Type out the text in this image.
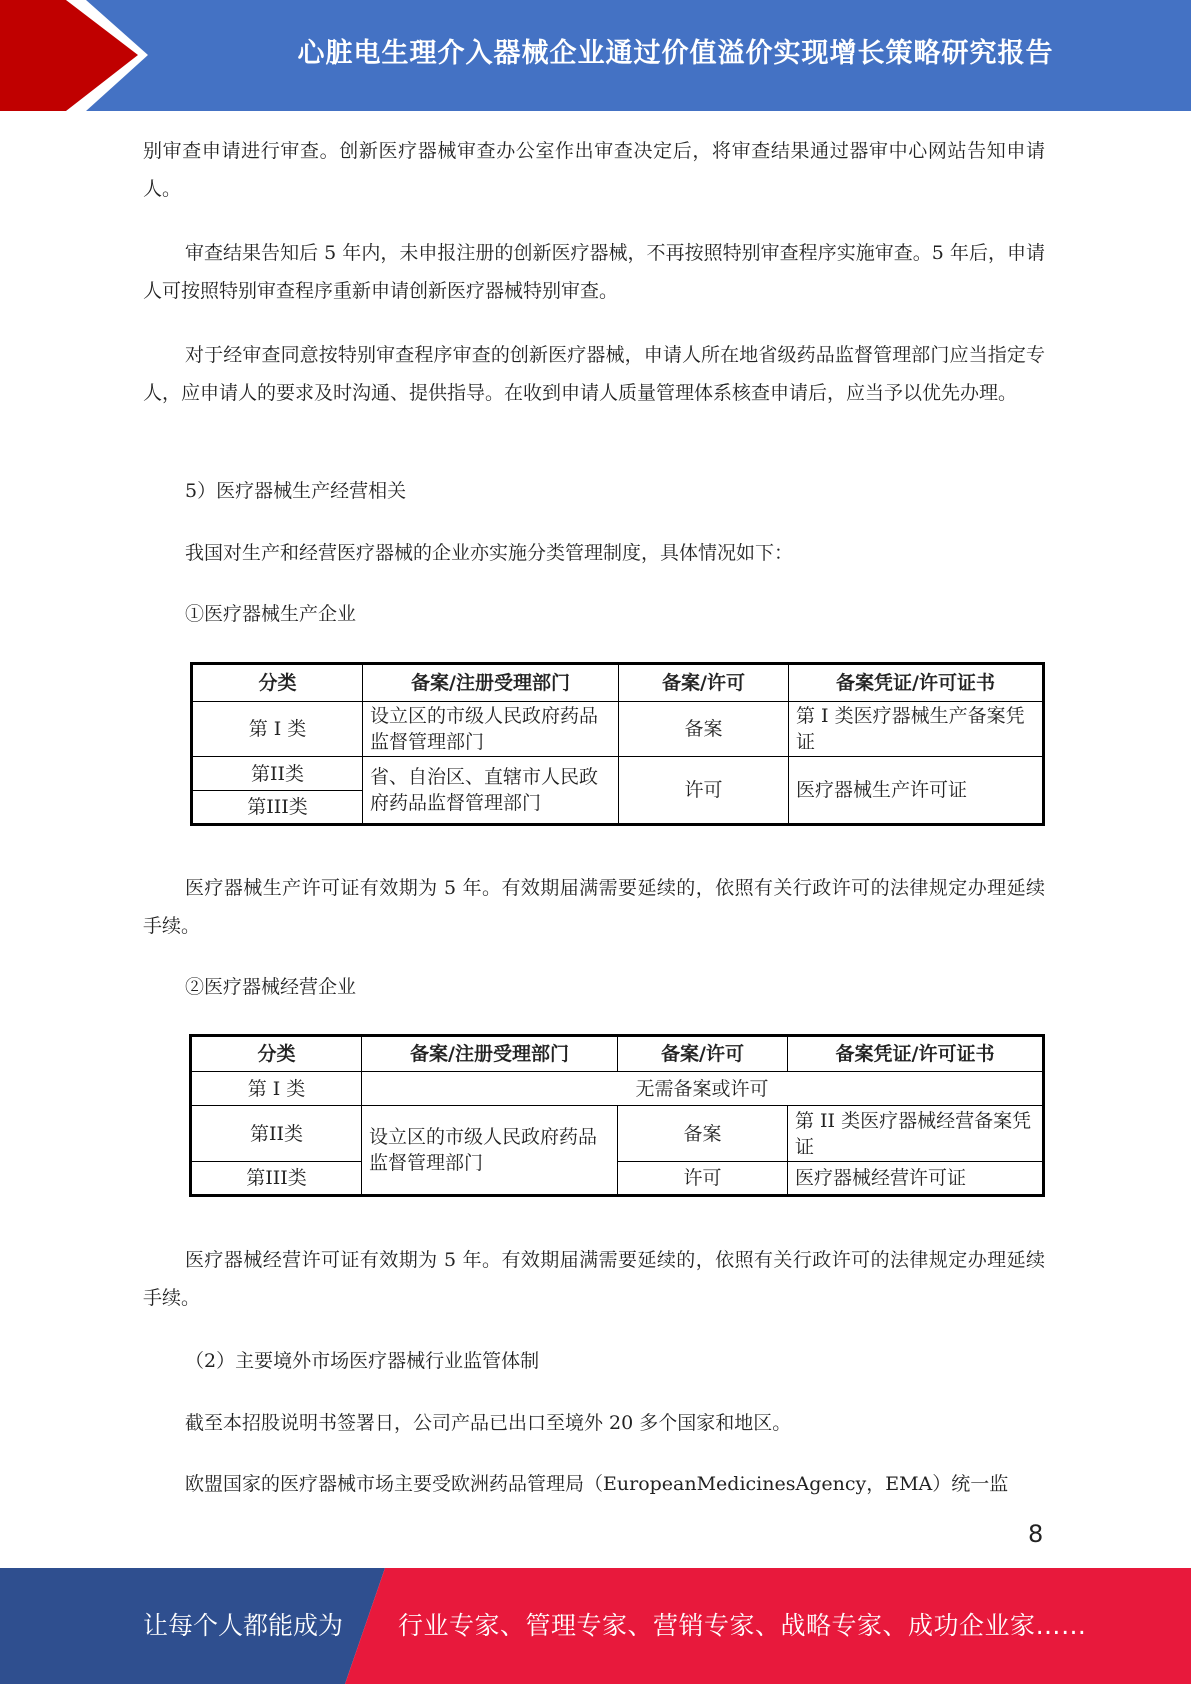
心脏电生理介入器械企业通过价值溢价实现增长策略研究报告

别审查申请进行审查。创新医疗器械审查办公室作出审查决定后，将审查结果通过器审中心网站告知申请人。

审查结果告知后 5 年内，未申报注册的创新医疗器械，不再按照特别审查程序实施审查。5 年后，申请人可按照特别审查程序重新申请创新医疗器械特别审查。

对于经审查同意按特别审查程序审查的创新医疗器械，申请人所在地省级药品监督管理部门应当指定专人，应申请人的要求及时沟通、提供指导。在收到申请人质量管理体系核查申请后，应当予以优先办理。

5）医疗器械生产经营相关

我国对生产和经营医疗器械的企业亦实施分类管理制度，具体情况如下：

①医疗器械生产企业

分类	备案/注册受理部门	备案/许可	备案凭证/许可证书
第 I 类	设立区的市级人民政府药品监督管理部门	备案	第 I 类医疗器械生产备案凭证
第II类	省、自治区、直辖市人民政府药品监督管理部门	许可	医疗器械生产许可证
第III类			

医疗器械生产许可证有效期为 5 年。有效期届满需要延续的，依照有关行政许可的法律规定办理延续手续。

②医疗器械经营企业

分类	备案/注册受理部门	备案/许可	备案凭证/许可证书
第 I 类	无需备案或许可		
第II类	设立区的市级人民政府药品监督管理部门	备案	第 II 类医疗器械经营备案凭证
第III类		许可	医疗器械经营许可证

医疗器械经营许可证有效期为 5 年。有效期届满需要延续的，依照有关行政许可的法律规定办理延续手续。

（2）主要境外市场医疗器械行业监管体制

截至本招股说明书签署日，公司产品已出口至境外 20 多个国家和地区。

欧盟国家的医疗器械市场主要受欧洲药品管理局（EuropeanMedicinesAgency，EMA）统一监

8
让每个人都能成为 行业专家、管理专家、营销专家、战略专家、成功企业家……
